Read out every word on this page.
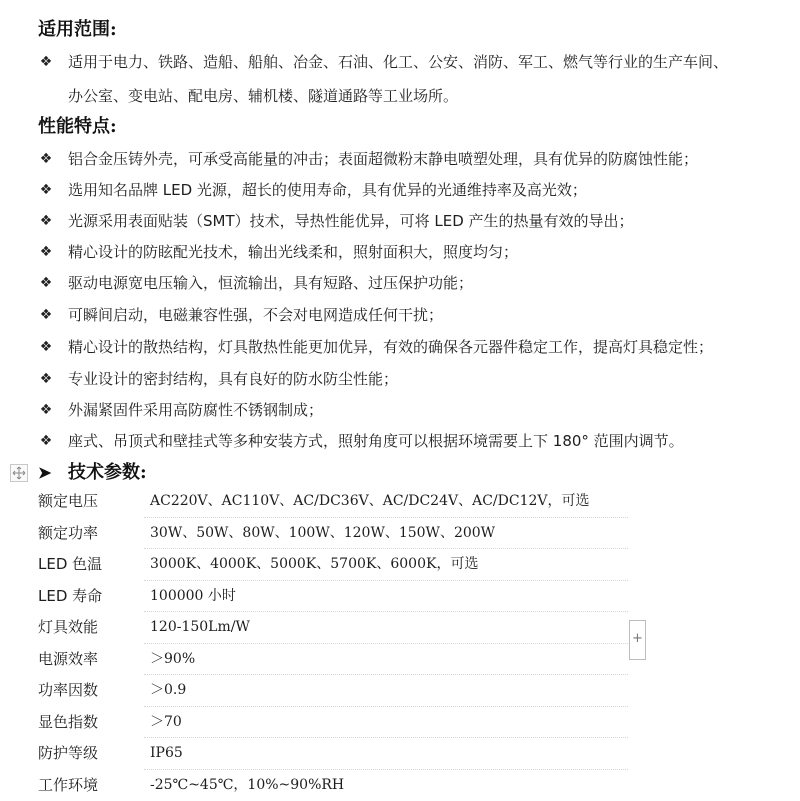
适用范围:
❖ 适用于电力、铁路、造船、船舶、冶金、石油、化工、公安、消防、军工、燃气等行业的生产车间、
办公室、变电站、配电房、辅机楼、隧道通路等工业场所。
性能特点:
❖ 铝合金压铸外壳，可承受高能量的冲击；表面超微粉末静电喷塑处理，具有优异的防腐蚀性能；
❖ 选用知名品牌 LED 光源，超长的使用寿命，具有优异的光通维持率及高光效；
❖ 光源采用表面贴装（SMT）技术，导热性能优异，可将 LED 产生的热量有效的导出；
❖ 精心设计的防眩配光技术，输出光线柔和，照射面积大，照度均匀；
❖ 驱动电源宽电压输入，恒流输出，具有短路、过压保护功能；
❖ 可瞬间启动，电磁兼容性强，不会对电网造成任何干扰；
❖ 精心设计的散热结构，灯具散热性能更加优异，有效的确保各元器件稳定工作，提高灯具稳定性；
❖ 专业设计的密封结构，具有良好的防水防尘性能；
❖ 外漏紧固件采用高防腐性不锈钢制成；
❖ 座式、吊顶式和壁挂式等多种安装方式，照射角度可以根据环境需要上下 180° 范围内调节。
➤ 技术参数:
额定电压	AC220V、AC110V、AC/DC36V、AC/DC24V、AC/DC12V，可选
额定功率	30W、50W、80W、100W、120W、150W、200W
LED 色温	3000K、4000K、5000K、5700K、6000K，可选
LED 寿命	100000 小时
灯具效能	120-150Lm/W
电源效率	＞90%
功率因数	＞0.9
显色指数	＞70
防护等级	IP65
工作环境	-25℃~45℃，10%~90%RH
+
